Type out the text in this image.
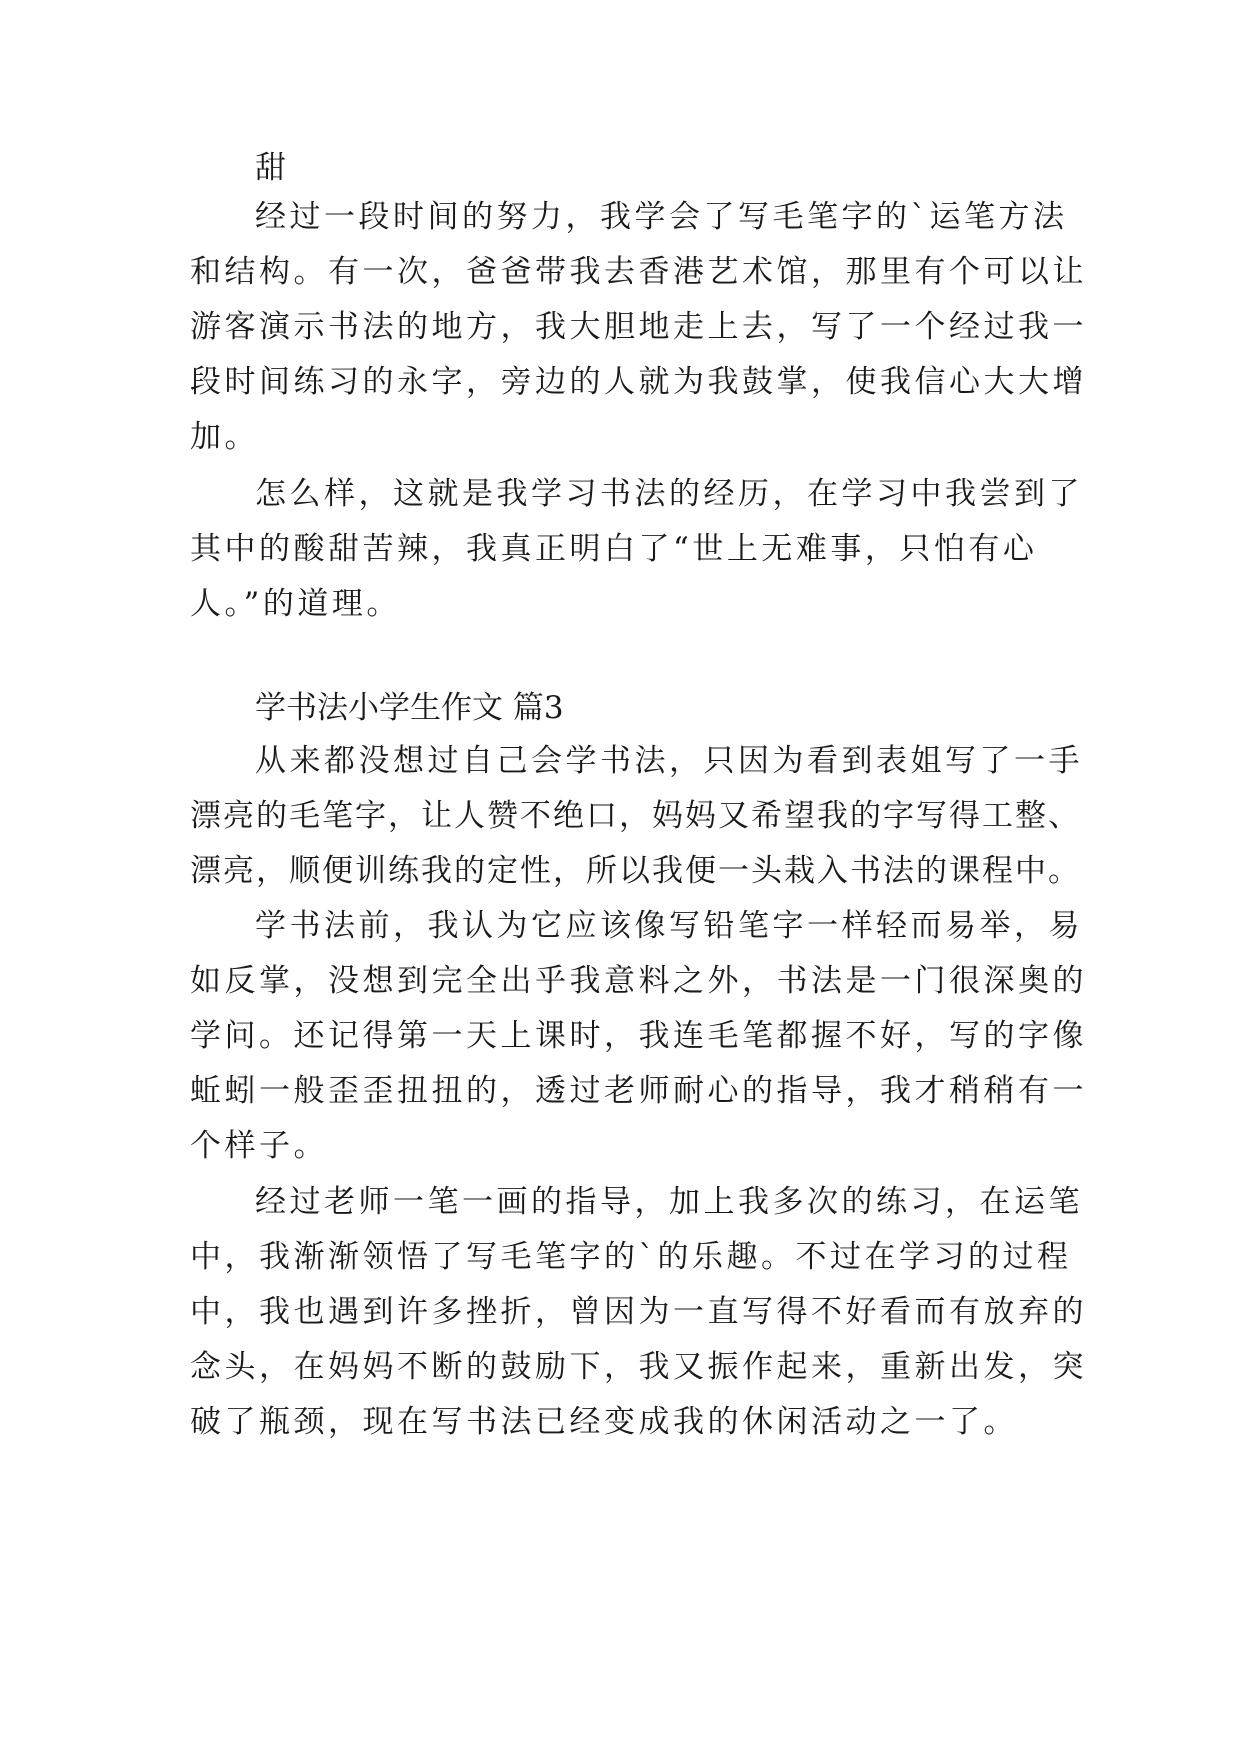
甜
经过一段时间的努力，我学会了写毛笔字的`运笔方法
和结构。有一次，爸爸带我去香港艺术馆，那里有个可以让
游客演示书法的地方，我大胆地走上去，写了一个经过我一
段时间练习的永字，旁边的人就为我鼓掌，使我信心大大增
加。
怎么样，这就是我学习书法的经历，在学习中我尝到了
其中的酸甜苦辣，我真正明白了“世上无难事，只怕有心
人。”的道理。
学书法小学生作文 篇3
从来都没想过自己会学书法，只因为看到表姐写了一手
漂亮的毛笔字，让人赞不绝口，妈妈又希望我的字写得工整、
漂亮，顺便训练我的定性，所以我便一头栽入书法的课程中。
学书法前，我认为它应该像写铅笔字一样轻而易举，易
如反掌，没想到完全出乎我意料之外，书法是一门很深奥的
学问。还记得第一天上课时，我连毛笔都握不好，写的字像
蚯蚓一般歪歪扭扭的，透过老师耐心的指导，我才稍稍有一
个样子。
经过老师一笔一画的指导，加上我多次的练习，在运笔
中，我渐渐领悟了写毛笔字的`的乐趣。不过在学习的过程
中，我也遇到许多挫折，曾因为一直写得不好看而有放弃的
念头，在妈妈不断的鼓励下，我又振作起来，重新出发，突
破了瓶颈，现在写书法已经变成我的休闲活动之一了。
